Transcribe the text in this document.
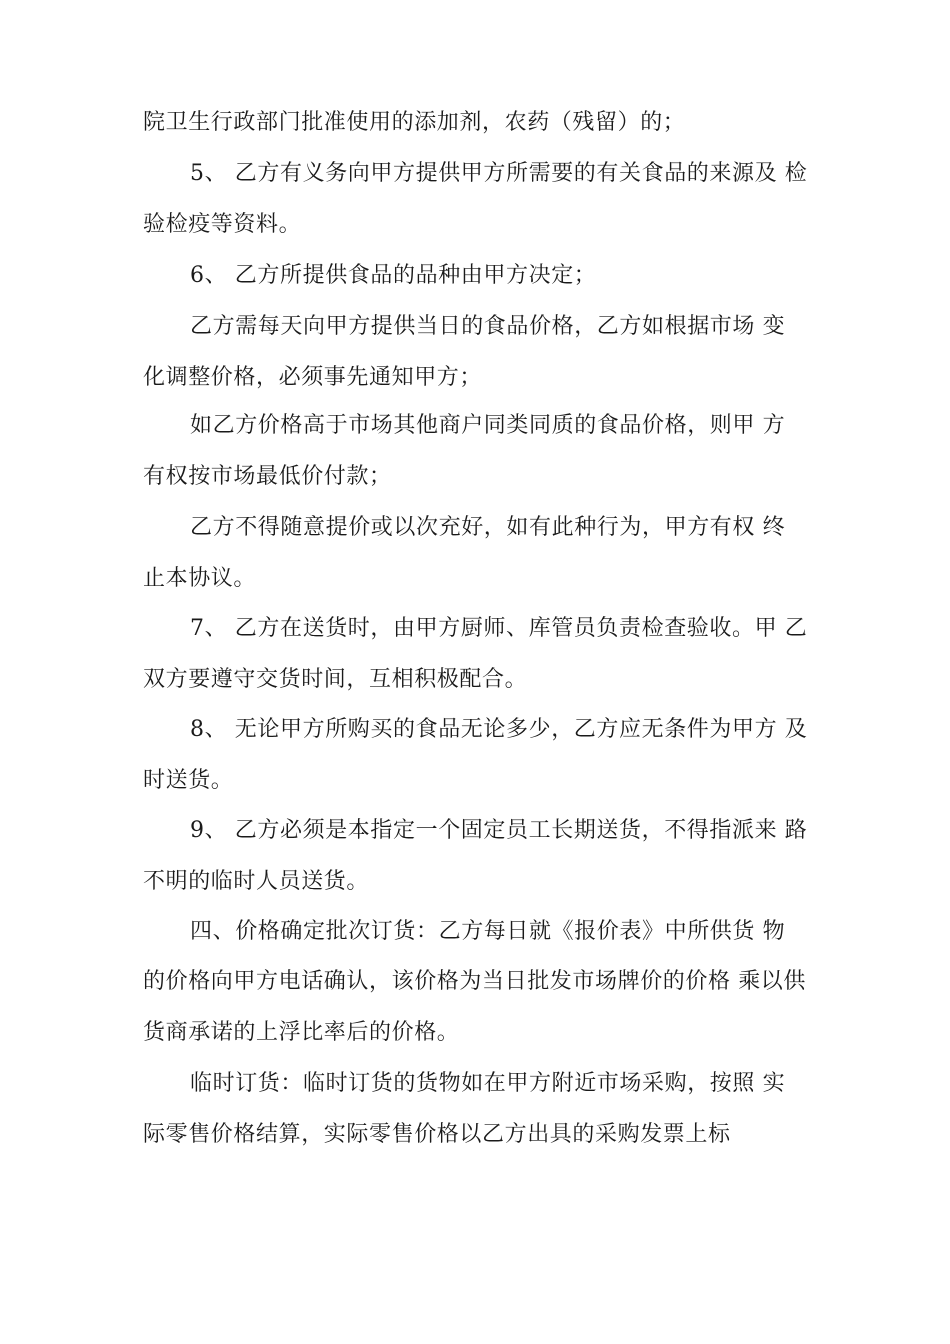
院卫生行政部门批准使用的添加剂，农药（残留）的；
5、 乙方有义务向甲方提供甲方所需要的有关食品的来源及 检
验检疫等资料。
6、 乙方所提供食品的品种由甲方决定；
乙方需每天向甲方提供当日的食品价格，乙方如根据市场 变
化调整价格，必须事先通知甲方；
如乙方价格高于市场其他商户同类同质的食品价格，则甲 方
有权按市场最低价付款；
乙方不得随意提价或以次充好，如有此种行为，甲方有权 终
止本协议。
7、 乙方在送货时，由甲方厨师、库管员负责检查验收。甲 乙
双方要遵守交货时间，互相积极配合。
8、 无论甲方所购买的食品无论多少，乙方应无条件为甲方 及
时送货。
9、 乙方必须是本指定一个固定员工长期送货，不得指派来 路
不明的临时人员送货。
四、价格确定批次订货：乙方每日就《报价表》中所供货 物
的价格向甲方电话确认，该价格为当日批发市场牌价的价格 乘以供
货商承诺的上浮比率后的价格。
临时订货：临时订货的货物如在甲方附近市场采购，按照 实
际零售价格结算，实际零售价格以乙方出具的采购发票上标
